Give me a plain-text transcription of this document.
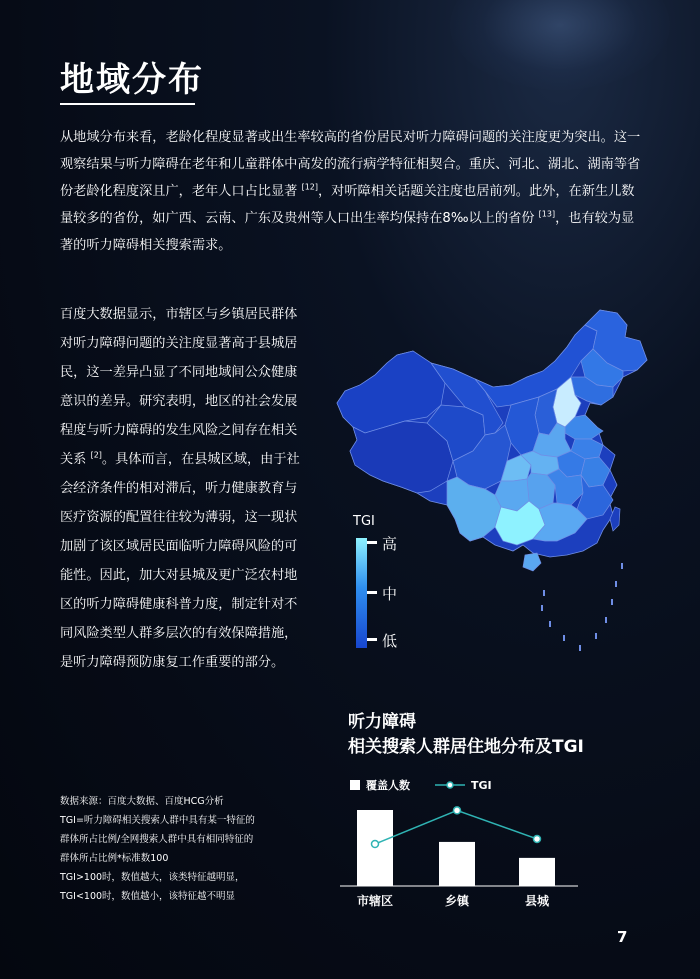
地域分布

从地域分布来看，老龄化程度显著或出生率较高的省份居民对听力障碍问题的关注度更为突出。这一观察结果与听力障碍在老年和儿童群体中高发的流行病学特征相契合。重庆、河北、湖北、湖南等省份老龄化程度深且广，老年人口占比显著 [12]，对听障相关话题关注度也居前列。此外，在新生儿数量较多的省份，如广西、云南、广东及贵州等人口出生率均保持在8‰以上的省份 [13]，也有较为显著的听力障碍相关搜索需求。

百度大数据显示，市辖区与乡镇居民群体对听力障碍问题的关注度显著高于县城居民，这一差异凸显了不同地域间公众健康意识的差异。研究表明，地区的社会发展程度与听力障碍的发生风险之间存在相关关系 [2]。具体而言，在县城区域，由于社会经济条件的相对滞后，听力健康教育与医疗资源的配置往往较为薄弱，这一现状加剧了该区域居民面临听力障碍风险的可能性。因此，加大对县城及更广泛农村地区的听力障碍健康科普力度，制定针对不同风险类型人群多层次的有效保障措施，是听力障碍预防康复工作重要的部分。

数据来源：百度大数据、百度HCG分析
TGI=听力障碍相关搜索人群中具有某一特征的
群体所占比例/全网搜索人群中具有相同特征的
群体所占比例*标准数100
TGI>100时，数值越大，该类特征越明显，
TGI<100时，数值越小，该特征越不明显
TGI
高
中
低
听力障碍
相关搜索人群居住地分布及TGI
覆盖人数	TGI
市辖区	乡镇	县城
7
